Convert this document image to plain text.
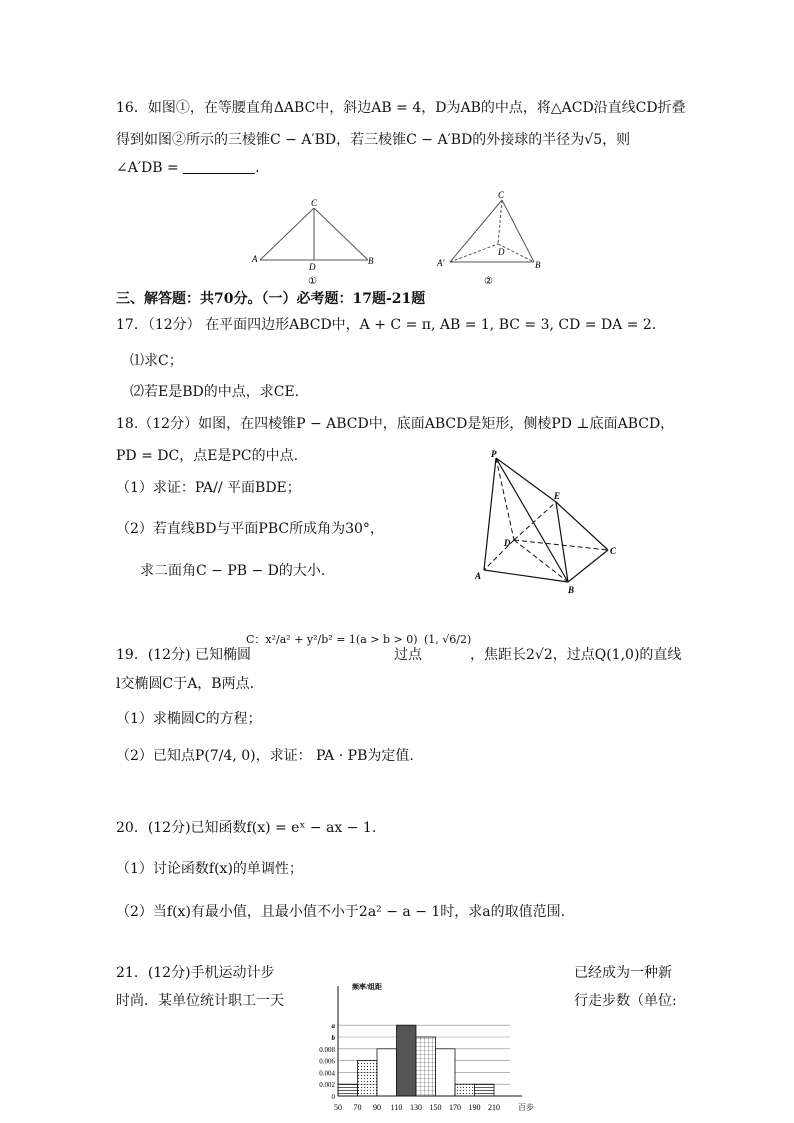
16．如图①，在等腰直角ΔABC中，斜边AB = 4，D为AB的中点，将△ACD沿直线CD折叠
得到如图②所示的三棱锥C − A′BD，若三棱锥C − A′BD的外接球的半径为√5，则
∠A′DB =	.
C
A
D
B
①
C
A′
D
B
②
三、解答题：共70分。（一）必考题：17题-21题
17．（12分） 在平面四边形ABCD中，A + C = π, AB = 1, BC = 3, CD = DA = 2.
⑴求C；
⑵若E是BD的中点，求CE.
18.（12分）如图，在四棱锥P − ABCD中，底面ABCD是矩形，侧棱PD ⊥底面ABCD，
PD = DC，点E是PC的中点.
（1）求证：PA// 平面BDE；
（2）若直线BD与平面PBC所成角为30°，
求二面角C − PB − D的大小.
P
E
D
C
A
B
19．(12分) 已知椭圆
C：x²/a² + y²/b² = 1(a > b > 0)
过点
(1, √6/2)
，焦距长2√2，过点Q(1,0)的直线
l交椭圆C于A，B两点.
（1）求椭圆C的方程；
（2）已知点P(7/4, 0)，求证： PA · PB为定值.
20．(12分)已知函数f(x) = eˣ − ax − 1.
（1）讨论函数f(x)的单调性；
（2）当f(x)有最小值，且最小值不小于2a² − a − 1时，求a的取值范围.
21．(12分)手机运动计步	已经成为一种新
时尚．某单位统计职工一天	行走步数（单位:
0
0.002
0.004
0.006
0.008
b
a
50 70 90 110 130 150 170 190 210
频率/组距
百步
